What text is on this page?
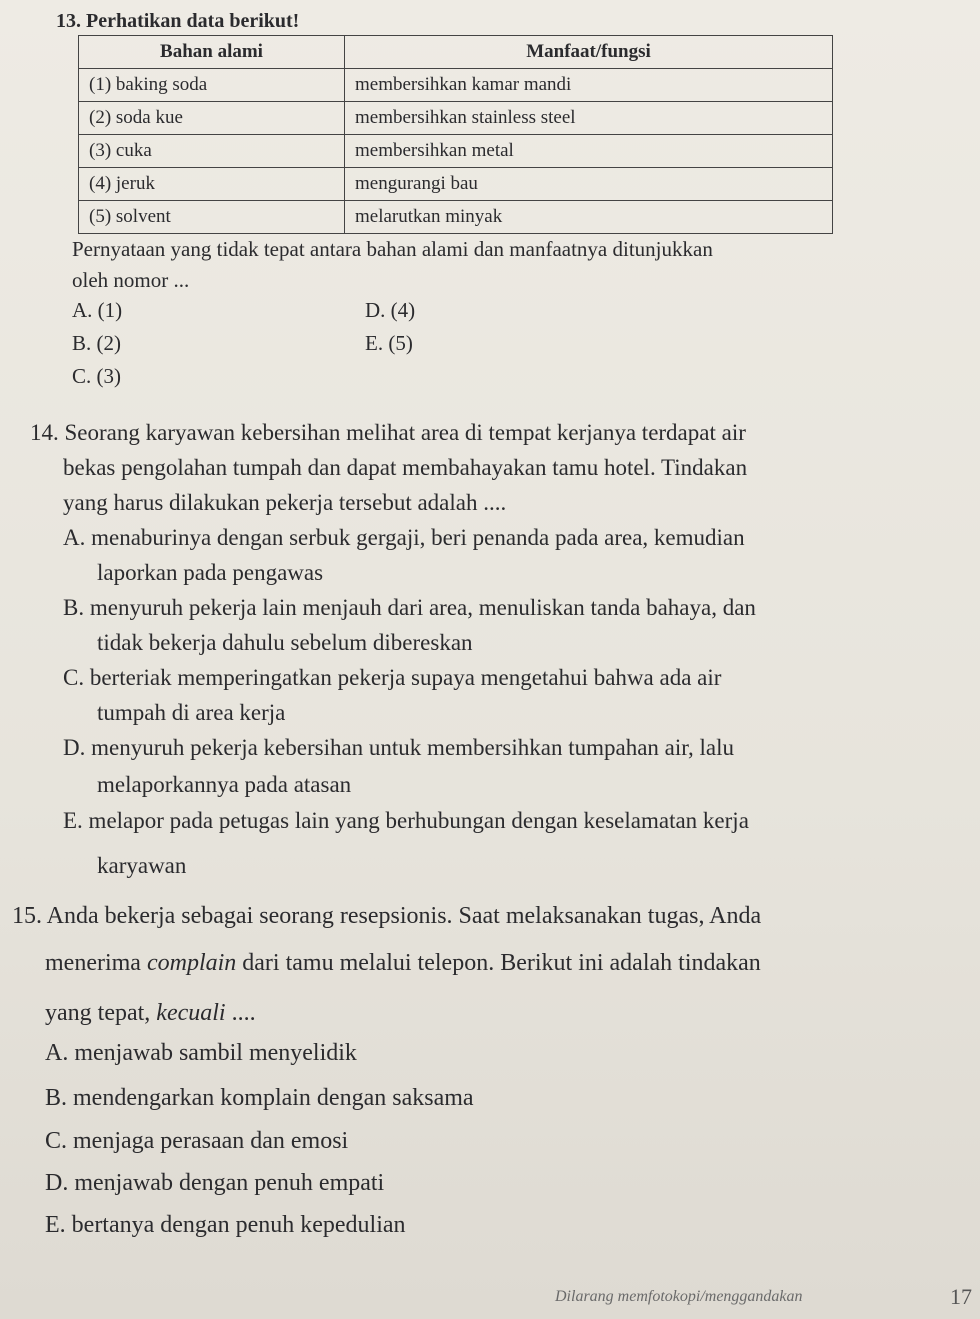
13. Perhatikan data berikut!
Bahan alami	Manfaat/fungsi
(1) baking soda	membersihkan kamar mandi
(2) soda kue	membersihkan stainless steel
(3) cuka	membersihkan metal
(4) jeruk	mengurangi bau
(5) solvent	melarutkan minyak
Pernyataan yang tidak tepat antara bahan alami dan manfaatnya ditunjukkan
oleh nomor ...
A. (1)	D. (4)
B. (2)	E. (5)
C. (3)
14. Seorang karyawan kebersihan melihat area di tempat kerjanya terdapat air
bekas pengolahan tumpah dan dapat membahayakan tamu hotel. Tindakan
yang harus dilakukan pekerja tersebut adalah ....
A. menaburinya dengan serbuk gergaji, beri penanda pada area, kemudian
laporkan pada pengawas
B. menyuruh pekerja lain menjauh dari area, menuliskan tanda bahaya, dan
tidak bekerja dahulu sebelum dibereskan
C. berteriak memperingatkan pekerja supaya mengetahui bahwa ada air
tumpah di area kerja
D. menyuruh pekerja kebersihan untuk membersihkan tumpahan air, lalu
melaporkannya pada atasan
E. melapor pada petugas lain yang berhubungan dengan keselamatan kerja
karyawan
15. Anda bekerja sebagai seorang resepsionis. Saat melaksanakan tugas, Anda
menerima complain dari tamu melalui telepon. Berikut ini adalah tindakan
yang tepat, kecuali ....
A. menjawab sambil menyelidik
B. mendengarkan komplain dengan saksama
C. menjaga perasaan dan emosi
D. menjawab dengan penuh empati
E. bertanya dengan penuh kepedulian
Dilarang memfotokopi/menggandakan	17
